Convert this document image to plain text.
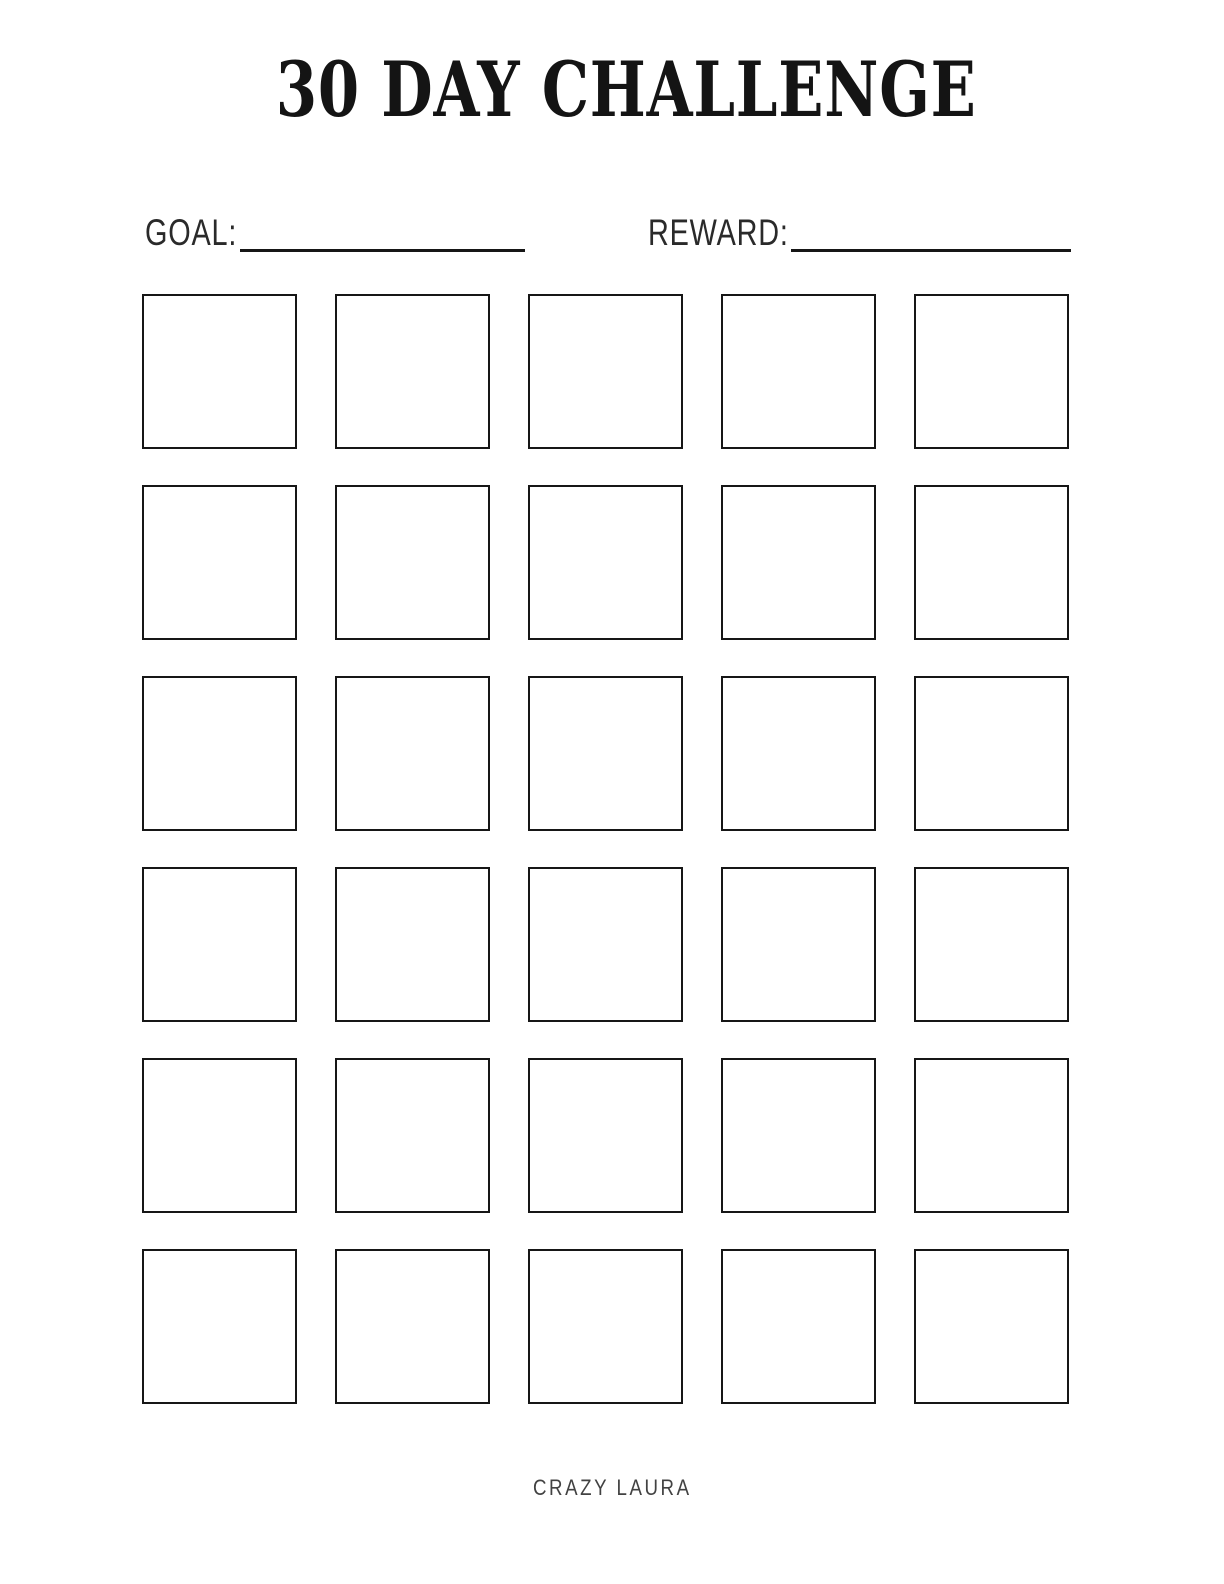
30 DAY CHALLENGE
GOAL:	REWARD:
CRAZY LAURA
